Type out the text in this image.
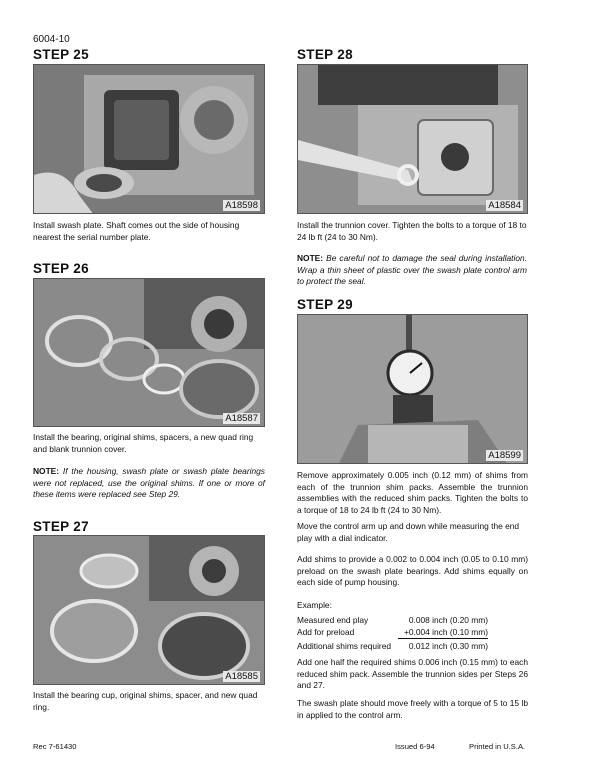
6004-10
STEP 25
A18598
Install swash plate. Shaft comes out the side of housing nearest the serial number plate.
STEP 26
A18587
Install the bearing, original shims, spacers, a new quad ring and blank trunnion cover.
NOTE: If the housing, swash plate or swash plate bearings were not replaced, use the original shims. If one or more of these items were replaced see Step 29.
STEP 27
A18585
Install the bearing cup, original shims, spacer, and new quad ring.
STEP 28
A18584
Install the trunnion cover. Tighten the bolts to a torque of 18 to 24 lb ft (24 to 30 Nm).
NOTE: Be careful not to damage the seal during installation. Wrap a thin sheet of plastic over the swash plate control arm to protect the seal.
STEP 29
A18599
Remove approximately 0.005 inch (0.12 mm) of shims from each of the trunnion shim packs. Assemble the trunnion assemblies with the reduced shim packs. Tighten the bolts to a torque of 18 to 24 lb ft (24 to 30 Nm).
Move the control arm up and down while measuring the end play with a dial indicator.
Add shims to provide a 0.002 to 0.004 inch (0.05 to 0.10 mm) preload on the swash plate bearings. Add shims equally on each side of pump housing.
Example:
Measured end play	0.008 inch (0.20 mm)
Add for preload	+0.004 inch (0.10 mm)
Additional shims required	0.012 inch (0.30 mm)
Add one half the required shims 0.006 inch (0.15 mm) to each reduced shim pack. Assemble the trunnion sides per Steps 26 and 27.
The swash plate should move freely with a torque of 5 to 15 lb in applied to the control arm.
Rec 7-61430	Issued 6-94	Printed in U.S.A.
